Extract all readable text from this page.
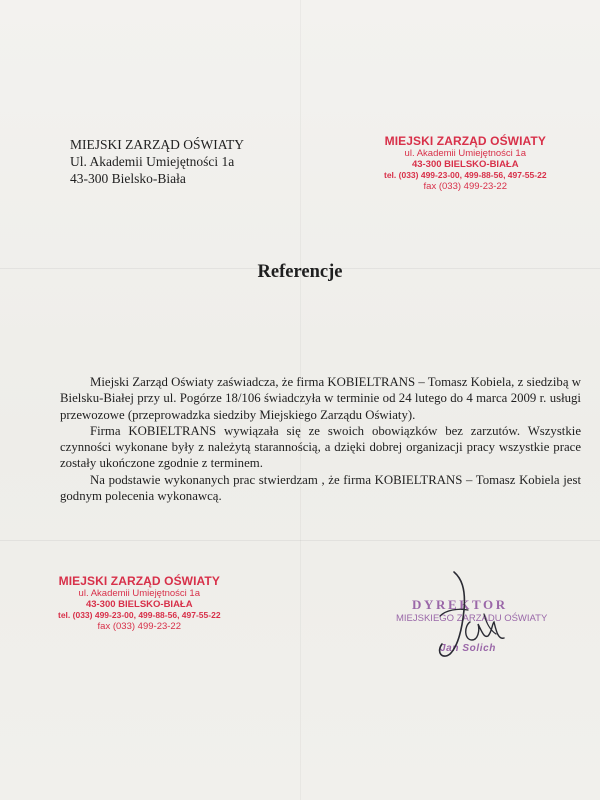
MIEJSKI ZARZĄD OŚWIATY
Ul. Akademii Umiejętności 1a
43-300 Bielsko-Biała
MIEJSKI ZARZĄD OŚWIATY
ul. Akademii Umiejętności 1a
43-300 BIELSKO-BIAŁA
tel. (033) 499-23-00, 499-88-56, 497-55-22
fax (033) 499-23-22
Referencje

Miejski Zarząd Oświaty zaświadcza, że firma KOBIELTRANS – Tomasz Kobiela, z siedzibą w Bielsku-Białej przy ul. Pogórze 18/106 świadczyła w terminie od 24 lutego do 4 marca 2009 r. usługi przewozowe (przeprowadzka siedziby Miejskiego Zarządu Oświaty).

Firma KOBIELTRANS wywiązała się ze swoich obowiązków bez zarzutów. Wszystkie czynności wykonane były z należytą starannością, a dzięki dobrej organizacji pracy wszystkie prace zostały ukończone zgodnie z terminem.

Na podstawie wykonanych prac stwierdzam , że firma KOBIELTRANS – Tomasz Kobiela jest godnym polecenia wykonawcą.

MIEJSKI ZARZĄD OŚWIATY
ul. Akademii Umiejętności 1a
43-300 BIELSKO-BIAŁA
tel. (033) 499-23-00, 499-88-56, 497-55-22
fax (033) 499-23-22
DYREKTOR
MIEJSKIEGO ZARZĄDU OŚWIATY
Jan Solich
